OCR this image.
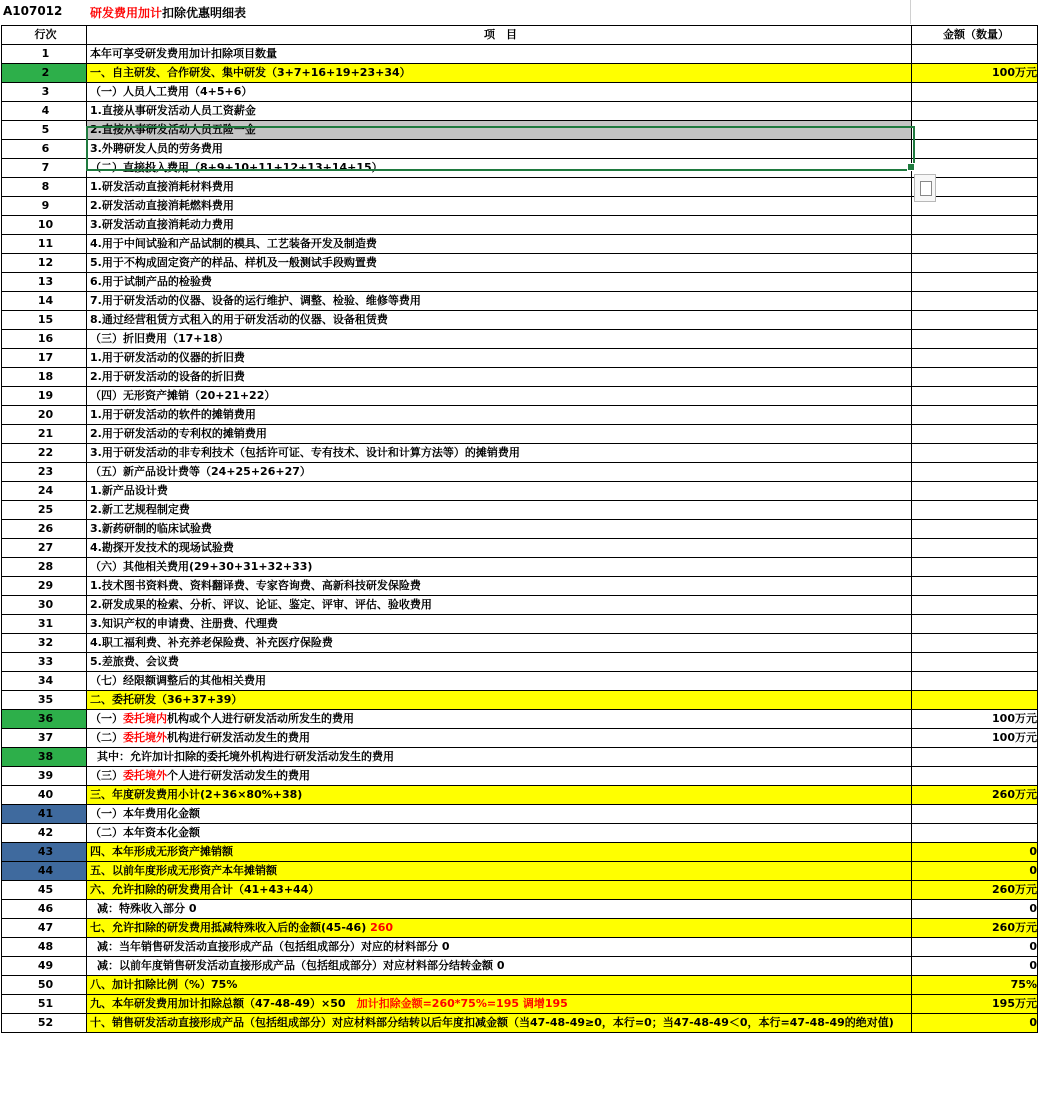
A107012 研发费用加计扣除优惠明细表
行次	项　目	金额（数量）
1	本年可享受研发费用加计扣除项目数量	
2	一、自主研发、合作研发、集中研发（3+7+16+19+23+34）	100万元
3	（一）人员人工费用（4+5+6）	
4	1.直接从事研发活动人员工资薪金	
5	2.直接从事研发活动人员五险一金	
6	3.外聘研发人员的劳务费用	
7	（二）直接投入费用（8+9+10+11+12+13+14+15）	
8	1.研发活动直接消耗材料费用	
9	2.研发活动直接消耗燃料费用	
10	3.研发活动直接消耗动力费用	
11	4.用于中间试验和产品试制的模具、工艺装备开发及制造费	
12	5.用于不构成固定资产的样品、样机及一般测试手段购置费	
13	6.用于试制产品的检验费	
14	7.用于研发活动的仪器、设备的运行维护、调整、检验、维修等费用	
15	8.通过经营租赁方式租入的用于研发活动的仪器、设备租赁费	
16	（三）折旧费用（17+18）	
17	1.用于研发活动的仪器的折旧费	
18	2.用于研发活动的设备的折旧费	
19	（四）无形资产摊销（20+21+22）	
20	1.用于研发活动的软件的摊销费用	
21	2.用于研发活动的专利权的摊销费用	
22	3.用于研发活动的非专利技术（包括许可证、专有技术、设计和计算方法等）的摊销费用	
23	（五）新产品设计费等（24+25+26+27）	
24	1.新产品设计费	
25	2.新工艺规程制定费	
26	3.新药研制的临床试验费	
27	4.勘探开发技术的现场试验费	
28	（六）其他相关费用(29+30+31+32+33)	
29	1.技术图书资料费、资料翻译费、专家咨询费、高新科技研发保险费	
30	2.研发成果的检索、分析、评议、论证、鉴定、评审、评估、验收费用	
31	3.知识产权的申请费、注册费、代理费	
32	4.职工福利费、补充养老保险费、补充医疗保险费	
33	5.差旅费、会议费	
34	（七）经限额调整后的其他相关费用	
35	二、委托研发（36+37+39）	
36	（一）委托境内机构或个人进行研发活动所发生的费用	100万元
37	（二）委托境外机构进行研发活动发生的费用	100万元
38	其中：允许加计扣除的委托境外机构进行研发活动发生的费用	
39	（三）委托境外个人进行研发活动发生的费用	
40	三、年度研发费用小计(2+36×80%+38)	260万元
41	（一）本年费用化金额	
42	（二）本年资本化金额	
43	四、本年形成无形资产摊销额	0
44	五、以前年度形成无形资产本年摊销额	0
45	六、允许扣除的研发费用合计（41+43+44）	260万元
46	减：特殊收入部分 0	0
47	七、允许扣除的研发费用抵减特殊收入后的金额(45-46) 260	260万元
48	减：当年销售研发活动直接形成产品（包括组成部分）对应的材料部分 0	0
49	减：以前年度销售研发活动直接形成产品（包括组成部分）对应材料部分结转金额 0	0
50	八、加计扣除比例（%）75%	75%
51	九、本年研发费用加计扣除总额（47-48-49）×50　加计扣除金额=260*75%=195 调增195	195万元
52	十、销售研发活动直接形成产品（包括组成部分）对应材料部分结转以后年度扣减金额（当47-48-49≥0，本行=0；当47-48-49＜0，本行=47-48-49的绝对值)	0
